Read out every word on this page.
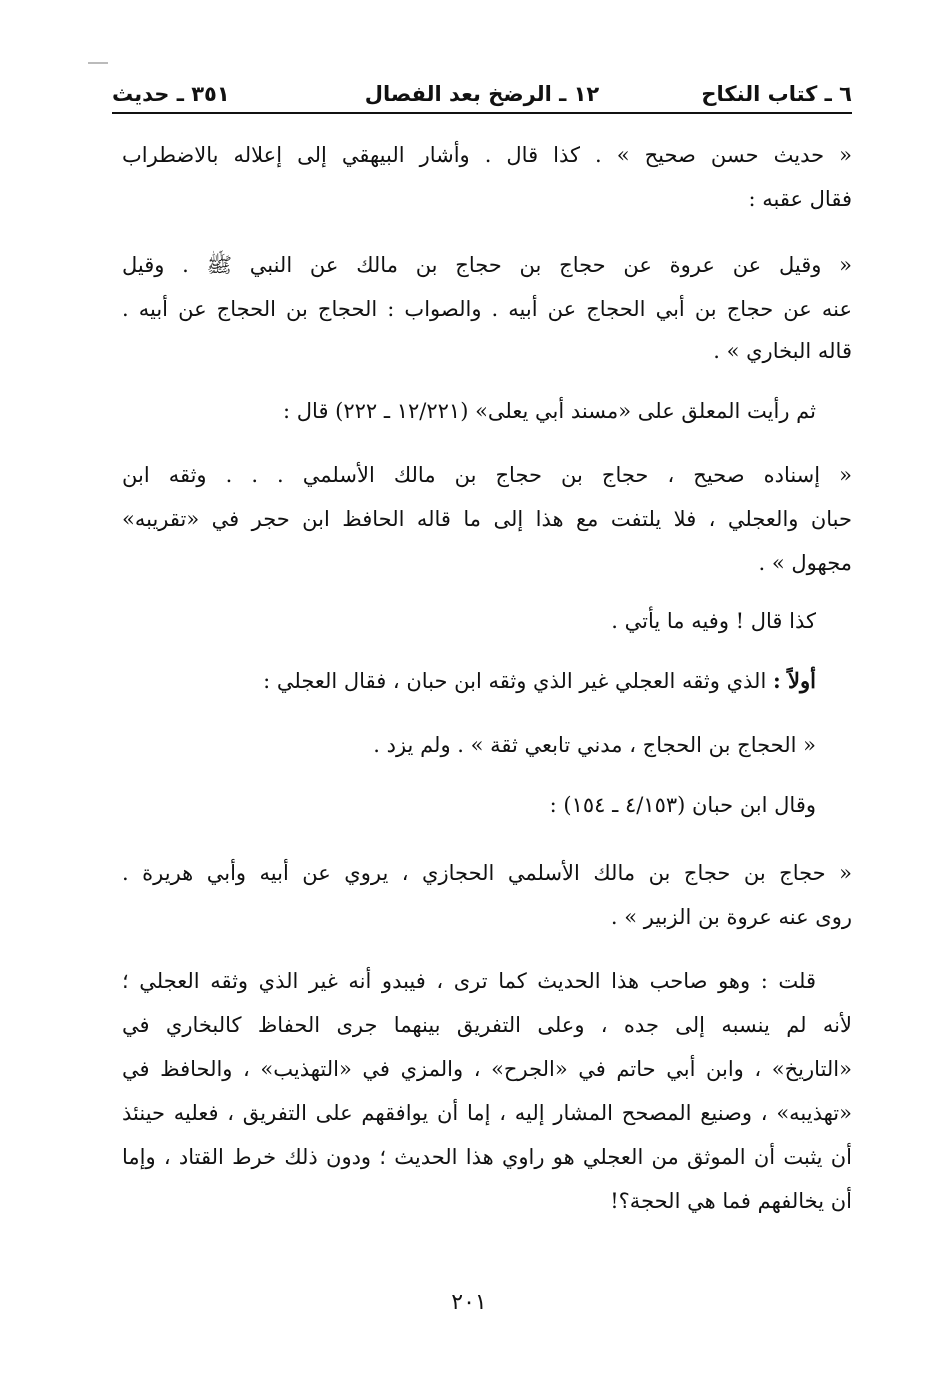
٦ ـ كتاب النكاح
١٢ ـ الرضخ بعد الفصال
٣٥١ ـ حديث
« حديث حسن صحيح » . كذا قال . وأشار البيهقي إلى إعلاله بالاضطراب
فقال عقبه :
« وقيل عن عروة عن حجاج بن حجاج بن مالك عن النبي ﷺ . وقيل
عنه عن حجاج بن أبي الحجاج عن أبيه . والصواب : الحجاج بن الحجاج عن أبيه .
قاله البخاري » .
ثم رأيت المعلق على «مسند أبي يعلى» (١٢/٢٢١ ـ ٢٢٢) قال :
« إسناده صحيح ، حجاج بن حجاج بن مالك الأسلمي . . . وثقه ابن
حبان والعجلي ، فلا يلتفت مع هذا إلى ما قاله الحافظ ابن حجر في «تقريبه»
مجهول » .
كذا قال ! وفيه ما يأتي .
أولاً : الذي وثقه العجلي غير الذي وثقه ابن حبان ، فقال العجلي :
« الحجاج بن الحجاج ، مدني تابعي ثقة » . ولم يزد .
وقال ابن حبان (٤/١٥٣ ـ ١٥٤) :
« حجاج بن حجاج بن مالك الأسلمي الحجازي ، يروي عن أبيه وأبي هريرة .
روى عنه عروة بن الزبير » .
قلت : وهو صاحب هذا الحديث كما ترى ، فيبدو أنه غير الذي وثقه العجلي ؛
لأنه لم ينسبه إلى جده ، وعلى التفريق بينهما جرى الحفاظ كالبخاري في
«التاريخ» ، وابن أبي حاتم في «الجرح» ، والمزي في «التهذيب» ، والحافظ في
«تهذيبه» ، وصنيع المصحح المشار إليه ، إما أن يوافقهم على التفريق ، فعليه حينئذ
أن يثبت أن الموثق من العجلي هو راوي هذا الحديث ؛ ودون ذلك خرط القتاد ، وإما
أن يخالفهم فما هي الحجة؟!
٢٠١
